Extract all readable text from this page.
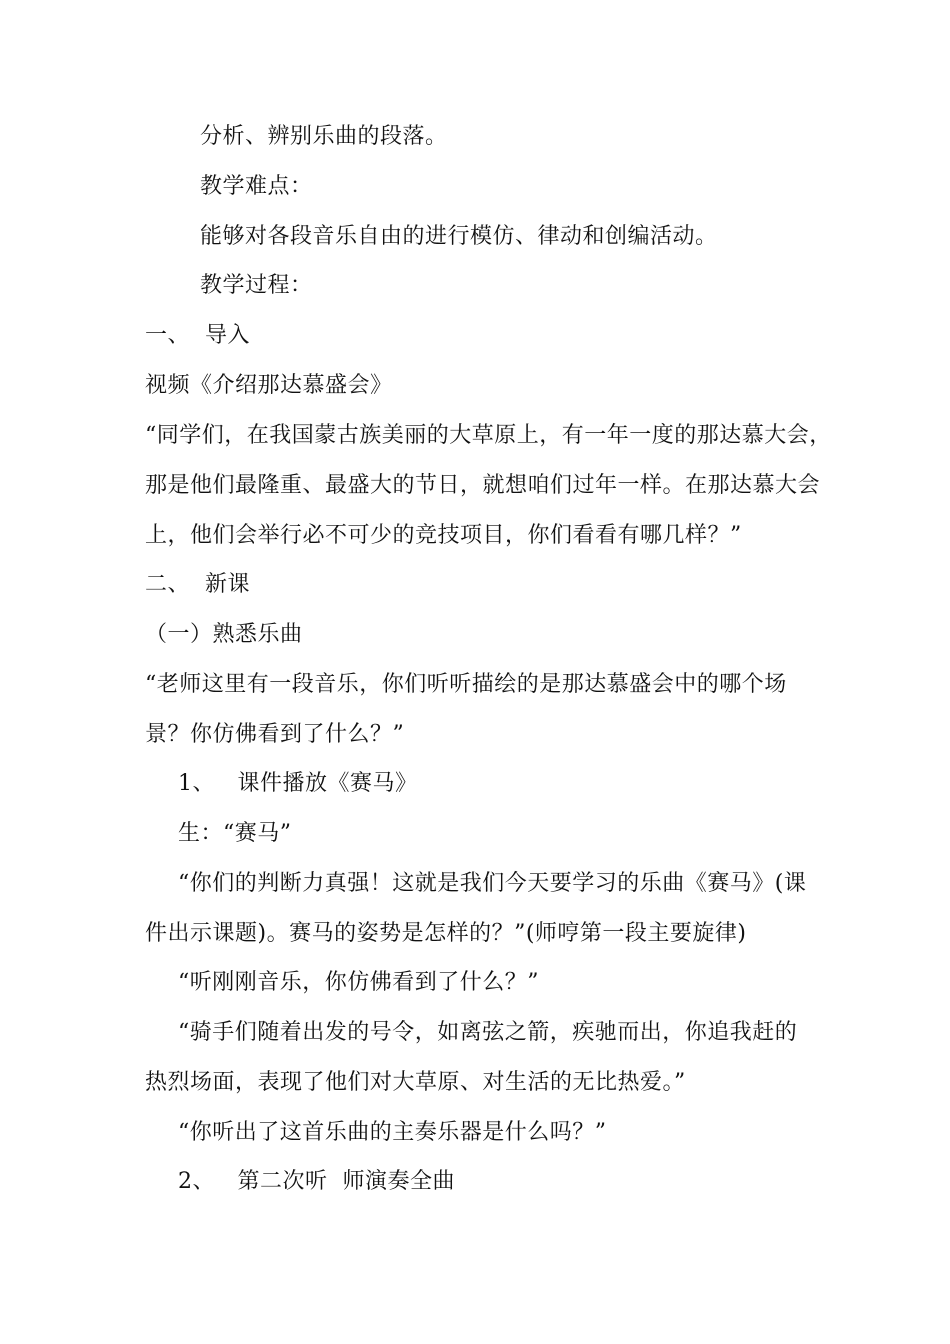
分析、辨别乐曲的段落。
教学难点：
能够对各段音乐自由的进行模仿、律动和创编活动。
教学过程：
一、  导入
视频《介绍那达慕盛会》
“同学们，在我国蒙古族美丽的大草原上，有一年一度的那达慕大会，
那是他们最隆重、最盛大的节日，就想咱们过年一样。在那达慕大会
上，他们会举行必不可少的竞技项目，你们看看有哪几样？”
二、  新课
（一）熟悉乐曲
“老师这里有一段音乐，你们听听描绘的是那达慕盛会中的哪个场
景？你仿佛看到了什么？”
1、   课件播放《赛马》
生：“赛马”
“你们的判断力真强！这就是我们今天要学习的乐曲《赛马》(课
件出示课题)。赛马的姿势是怎样的？”(师哼第一段主要旋律)
“听刚刚音乐，你仿佛看到了什么？”
“骑手们随着出发的号令，如离弦之箭，疾驰而出，你追我赶的
热烈场面，表现了他们对大草原、对生活的无比热爱。”
“你听出了这首乐曲的主奏乐器是什么吗？”
2、   第二次听  师演奏全曲
